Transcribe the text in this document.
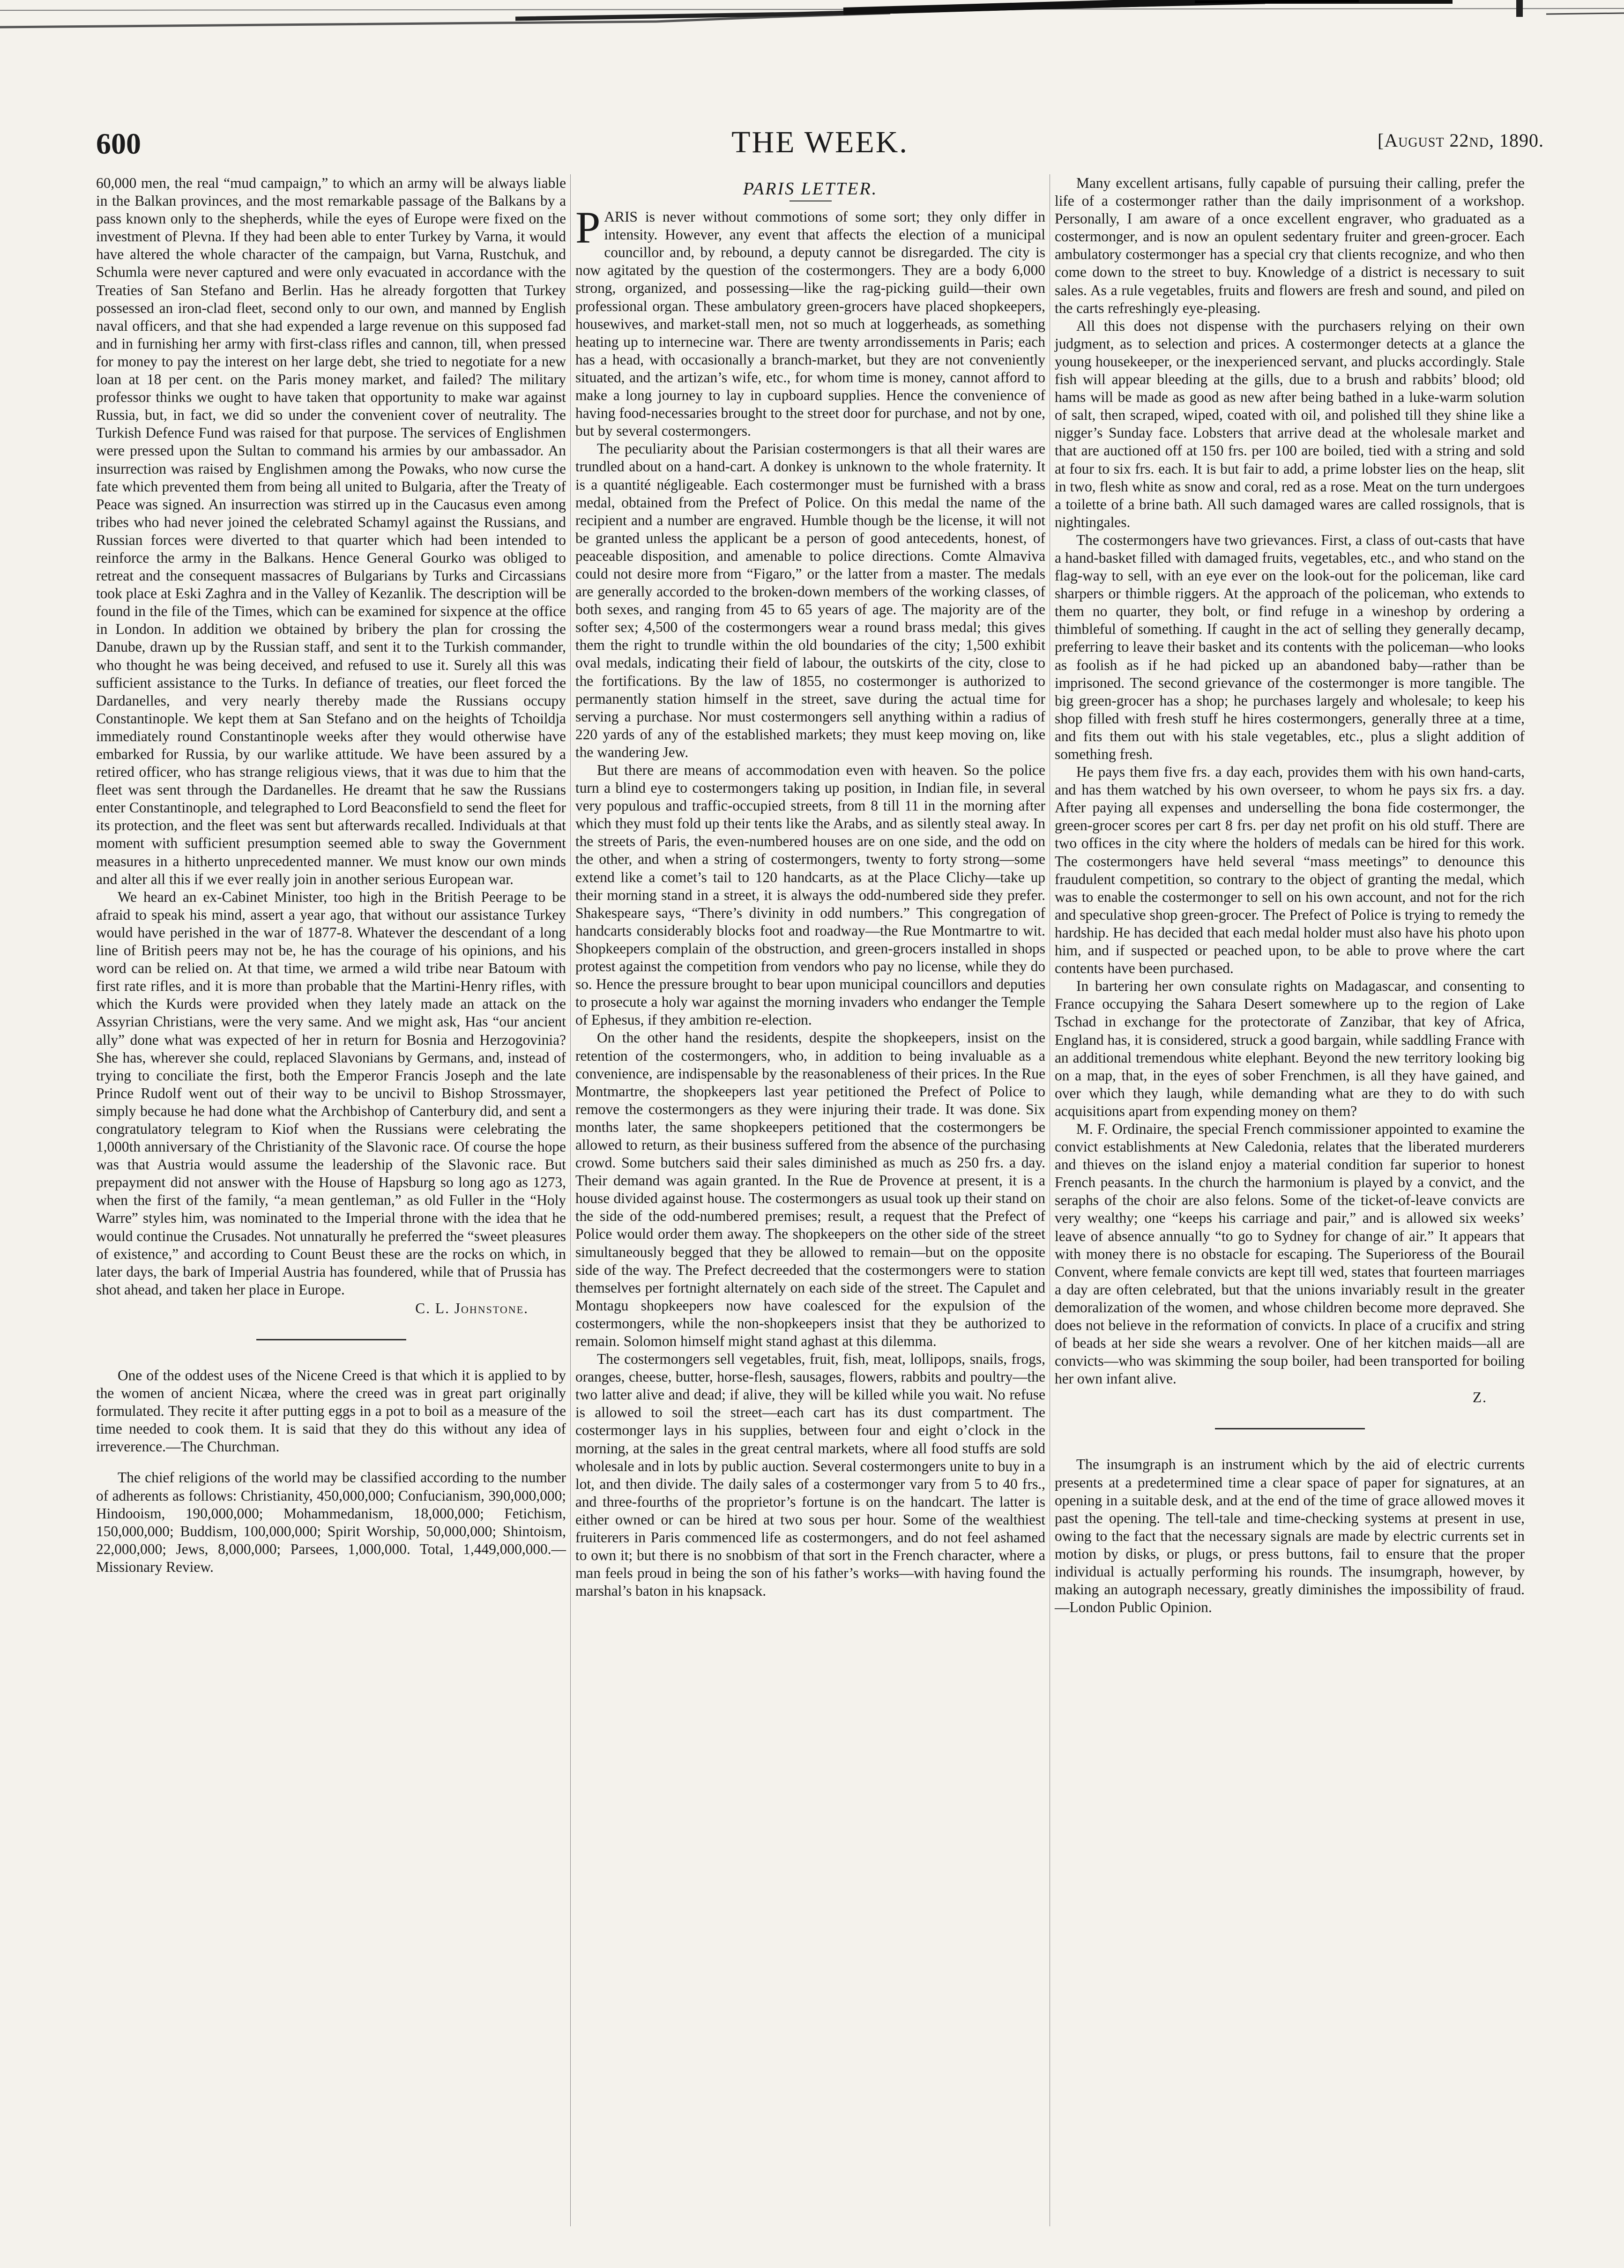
600	THE WEEK.	[August 22nd, 1890.

60,000 men, the real “mud campaign,” to which an army will be always liable in the Balkan provinces, and the most remarkable passage of the Balkans by a pass known only to the shepherds, while the eyes of Europe were fixed on the investment of Plevna. If they had been able to enter Turkey by Varna, it would have altered the whole character of the campaign, but Varna, Rustchuk, and Schumla were never captured and were only evacuated in accordance with the Treaties of San Stefano and Berlin. Has he already forgotten that Turkey possessed an iron-clad fleet, second only to our own, and manned by English naval officers, and that she had expended a large revenue on this supposed fad and in furnishing her army with first-class rifles and cannon, till, when pressed for money to pay the interest on her large debt, she tried to negotiate for a new loan at 18 per cent. on the Paris money market, and failed? The military professor thinks we ought to have taken that opportunity to make war against Russia, but, in fact, we did so under the convenient cover of neutrality. The Turkish Defence Fund was raised for that purpose. The services of Englishmen were pressed upon the Sultan to command his armies by our ambassador. An insurrection was raised by Englishmen among the Powaks, who now curse the fate which prevented them from being all united to Bulgaria, after the Treaty of Peace was signed. An insurrection was stirred up in the Caucasus even among tribes who had never joined the celebrated Schamyl against the Russians, and Russian forces were diverted to that quarter which had been intended to reinforce the army in the Balkans. Hence General Gourko was obliged to retreat and the consequent massacres of Bulgarians by Turks and Circassians took place at Eski Zaghra and in the Valley of Kezanlik. The description will be found in the file of the Times, which can be examined for sixpence at the office in London. In addition we obtained by bribery the plan for crossing the Danube, drawn up by the Russian staff, and sent it to the Turkish commander, who thought he was being deceived, and refused to use it. Surely all this was sufficient assistance to the Turks. In defiance of treaties, our fleet forced the Dardanelles, and very nearly thereby made the Russians occupy Constantinople. We kept them at San Stefano and on the heights of Tchoildja immediately round Constantinople weeks after they would otherwise have embarked for Russia, by our warlike attitude. We have been assured by a retired officer, who has strange religious views, that it was due to him that the fleet was sent through the Dardanelles. He dreamt that he saw the Russians enter Constantinople, and telegraphed to Lord Beaconsfield to send the fleet for its protection, and the fleet was sent but afterwards recalled. Individuals at that moment with sufficient presumption seemed able to sway the Government measures in a hitherto unprecedented manner. We must know our own minds and alter all this if we ever really join in another serious European war.

We heard an ex-Cabinet Minister, too high in the British Peerage to be afraid to speak his mind, assert a year ago, that without our assistance Turkey would have perished in the war of 1877-8. Whatever the descendant of a long line of British peers may not be, he has the courage of his opinions, and his word can be relied on. At that time, we armed a wild tribe near Batoum with first rate rifles, and it is more than probable that the Martini-Henry rifles, with which the Kurds were provided when they lately made an attack on the Assyrian Christians, were the very same. And we might ask, Has “our ancient ally” done what was expected of her in return for Bosnia and Herzogovinia? She has, wherever she could, replaced Slavonians by Germans, and, instead of trying to conciliate the first, both the Emperor Francis Joseph and the late Prince Rudolf went out of their way to be uncivil to Bishop Strossmayer, simply because he had done what the Archbishop of Canterbury did, and sent a congratulatory telegram to Kiof when the Russians were celebrating the 1,000th anniversary of the Christianity of the Slavonic race. Of course the hope was that Austria would assume the leadership of the Slavonic race. But prepayment did not answer with the House of Hapsburg so long ago as 1273, when the first of the family, “a mean gentleman,” as old Fuller in the “Holy Warre” styles him, was nominated to the Imperial throne with the idea that he would continue the Crusades. Not unnaturally he preferred the “sweet pleasures of existence,” and according to Count Beust these are the rocks on which, in later days, the bark of Imperial Austria has foundered, while that of Prussia has shot ahead, and taken her place in Europe.

C. L. Johnstone.

One of the oddest uses of the Nicene Creed is that which it is applied to by the women of ancient Nicæa, where the creed was in great part originally formulated. They recite it after putting eggs in a pot to boil as a measure of the time needed to cook them. It is said that they do this without any idea of irreverence.—The Churchman.

The chief religions of the world may be classified according to the number of adherents as follows: Christianity, 450,000,000; Confucianism, 390,000,000; Hindooism, 190,000,000; Mohammedanism, 18,000,000; Fetichism, 150,000,000; Buddism, 100,000,000; Spirit Worship, 50,000,000; Shintoism, 22,000,000; Jews, 8,000,000; Parsees, 1,000,000. Total, 1,449,000,000.—Missionary Review.

PARIS LETTER.

PARIS is never without commotions of some sort; they only differ in intensity. However, any event that affects the election of a municipal councillor and, by rebound, a deputy cannot be disregarded. The city is now agitated by the question of the costermongers. They are a body 6,000 strong, organized, and possessing—like the rag-picking guild—their own professional organ. These ambulatory green-grocers have placed shopkeepers, housewives, and market-stall men, not so much at loggerheads, as something heating up to internecine war. There are twenty arrondissements in Paris; each has a head, with occasionally a branch-market, but they are not conveniently situated, and the artizan’s wife, etc., for whom time is money, cannot afford to make a long journey to lay in cupboard supplies. Hence the convenience of having food-necessaries brought to the street door for purchase, and not by one, but by several costermongers.

The peculiarity about the Parisian costermongers is that all their wares are trundled about on a hand-cart. A donkey is unknown to the whole fraternity. It is a quantité négligeable. Each costermonger must be furnished with a brass medal, obtained from the Prefect of Police. On this medal the name of the recipient and a number are engraved. Humble though be the license, it will not be granted unless the applicant be a person of good antecedents, honest, of peaceable disposition, and amenable to police directions. Comte Almaviva could not desire more from “Figaro,” or the latter from a master. The medals are generally accorded to the broken-down members of the working classes, of both sexes, and ranging from 45 to 65 years of age. The majority are of the softer sex; 4,500 of the costermongers wear a round brass medal; this gives them the right to trundle within the old boundaries of the city; 1,500 exhibit oval medals, indicating their field of labour, the outskirts of the city, close to the fortifications. By the law of 1855, no costermonger is authorized to permanently station himself in the street, save during the actual time for serving a purchase. Nor must costermongers sell anything within a radius of 220 yards of any of the established markets; they must keep moving on, like the wandering Jew.

But there are means of accommodation even with heaven. So the police turn a blind eye to costermongers taking up position, in Indian file, in several very populous and traffic-occupied streets, from 8 till 11 in the morning after which they must fold up their tents like the Arabs, and as silently steal away. In the streets of Paris, the even-numbered houses are on one side, and the odd on the other, and when a string of costermongers, twenty to forty strong—some extend like a comet’s tail to 120 handcarts, as at the Place Clichy—take up their morning stand in a street, it is always the odd-numbered side they prefer. Shakespeare says, “There’s divinity in odd numbers.” This congregation of handcarts considerably blocks foot and roadway—the Rue Montmartre to wit. Shopkeepers complain of the obstruction, and green-grocers installed in shops protest against the competition from vendors who pay no license, while they do so. Hence the pressure brought to bear upon municipal councillors and deputies to prosecute a holy war against the morning invaders who endanger the Temple of Ephesus, if they ambition re-election.

On the other hand the residents, despite the shopkeepers, insist on the retention of the costermongers, who, in addition to being invaluable as a convenience, are indispensable by the reasonableness of their prices. In the Rue Montmartre, the shopkeepers last year petitioned the Prefect of Police to remove the costermongers as they were injuring their trade. It was done. Six months later, the same shopkeepers petitioned that the costermongers be allowed to return, as their business suffered from the absence of the purchasing crowd. Some butchers said their sales diminished as much as 250 frs. a day. Their demand was again granted. In the Rue de Provence at present, it is a house divided against house. The costermongers as usual took up their stand on the side of the odd-numbered premises; result, a request that the Prefect of Police would order them away. The shopkeepers on the other side of the street simultaneously begged that they be allowed to remain—but on the opposite side of the way. The Prefect decreeded that the costermongers were to station themselves per fortnight alternately on each side of the street. The Capulet and Montagu shopkeepers now have coalesced for the expulsion of the costermongers, while the non-shopkeepers insist that they be authorized to remain. Solomon himself might stand aghast at this dilemma.

The costermongers sell vegetables, fruit, fish, meat, lollipops, snails, frogs, oranges, cheese, butter, horse-flesh, sausages, flowers, rabbits and poultry—the two latter alive and dead; if alive, they will be killed while you wait. No refuse is allowed to soil the street—each cart has its dust compartment. The costermonger lays in his supplies, between four and eight o’clock in the morning, at the sales in the great central markets, where all food stuffs are sold wholesale and in lots by public auction. Several costermongers unite to buy in a lot, and then divide. The daily sales of a costermonger vary from 5 to 40 frs., and three-fourths of the proprietor’s fortune is on the handcart. The latter is either owned or can be hired at two sous per hour. Some of the wealthiest fruiterers in Paris commenced life as costermongers, and do not feel ashamed to own it; but there is no snobbism of that sort in the French character, where a man feels proud in being the son of his father’s works—with having found the marshal’s baton in his knapsack.

Many excellent artisans, fully capable of pursuing their calling, prefer the life of a costermonger rather than the daily imprisonment of a workshop. Personally, I am aware of a once excellent engraver, who graduated as a costermonger, and is now an opulent sedentary fruiter and green-grocer. Each ambulatory costermonger has a special cry that clients recognize, and who then come down to the street to buy. Knowledge of a district is necessary to suit sales. As a rule vegetables, fruits and flowers are fresh and sound, and piled on the carts refreshingly eye-pleasing.

All this does not dispense with the purchasers relying on their own judgment, as to selection and prices. A costermonger detects at a glance the young housekeeper, or the inexperienced servant, and plucks accordingly. Stale fish will appear bleeding at the gills, due to a brush and rabbits’ blood; old hams will be made as good as new after being bathed in a luke-warm solution of salt, then scraped, wiped, coated with oil, and polished till they shine like a nigger’s Sunday face. Lobsters that arrive dead at the wholesale market and that are auctioned off at 150 frs. per 100 are boiled, tied with a string and sold at four to six frs. each. It is but fair to add, a prime lobster lies on the heap, slit in two, flesh white as snow and coral, red as a rose. Meat on the turn undergoes a toilette of a brine bath. All such damaged wares are called rossignols, that is nightingales.

The costermongers have two grievances. First, a class of out-casts that have a hand-basket filled with damaged fruits, vegetables, etc., and who stand on the flag-way to sell, with an eye ever on the look-out for the policeman, like card sharpers or thimble riggers. At the approach of the policeman, who extends to them no quarter, they bolt, or find refuge in a wineshop by ordering a thimbleful of something. If caught in the act of selling they generally decamp, preferring to leave their basket and its contents with the policeman—who looks as foolish as if he had picked up an abandoned baby—rather than be imprisoned. The second grievance of the costermonger is more tangible. The big green-grocer has a shop; he purchases largely and wholesale; to keep his shop filled with fresh stuff he hires costermongers, generally three at a time, and fits them out with his stale vegetables, etc., plus a slight addition of something fresh.

He pays them five frs. a day each, provides them with his own hand-carts, and has them watched by his own overseer, to whom he pays six frs. a day. After paying all expenses and underselling the bona fide costermonger, the green-grocer scores per cart 8 frs. per day net profit on his old stuff. There are two offices in the city where the holders of medals can be hired for this work. The costermongers have held several “mass meetings” to denounce this fraudulent competition, so contrary to the object of granting the medal, which was to enable the costermonger to sell on his own account, and not for the rich and speculative shop green-grocer. The Prefect of Police is trying to remedy the hardship. He has decided that each medal holder must also have his photo upon him, and if suspected or peached upon, to be able to prove where the cart contents have been purchased.

In bartering her own consulate rights on Madagascar, and consenting to France occupying the Sahara Desert somewhere up to the region of Lake Tschad in exchange for the protectorate of Zanzibar, that key of Africa, England has, it is considered, struck a good bargain, while saddling France with an additional tremendous white elephant. Beyond the new territory looking big on a map, that, in the eyes of sober Frenchmen, is all they have gained, and over which they laugh, while demanding what are they to do with such acquisitions apart from expending money on them?

M. F. Ordinaire, the special French commissioner appointed to examine the convict establishments at New Caledonia, relates that the liberated murderers and thieves on the island enjoy a material condition far superior to honest French peasants. In the church the harmonium is played by a convict, and the seraphs of the choir are also felons. Some of the ticket-of-leave convicts are very wealthy; one “keeps his carriage and pair,” and is allowed six weeks’ leave of absence annually “to go to Sydney for change of air.” It appears that with money there is no obstacle for escaping. The Superioress of the Bourail Convent, where female convicts are kept till wed, states that fourteen marriages a day are often celebrated, but that the unions invariably result in the greater demoralization of the women, and whose children become more depraved. She does not believe in the reformation of convicts. In place of a crucifix and string of beads at her side she wears a revolver. One of her kitchen maids—all are convicts—who was skimming the soup boiler, had been transported for boiling her own infant alive.

Z.

The insumgraph is an instrument which by the aid of electric currents presents at a predetermined time a clear space of paper for signatures, at an opening in a suitable desk, and at the end of the time of grace allowed moves it past the opening. The tell-tale and time-checking systems at present in use, owing to the fact that the necessary signals are made by electric currents set in motion by disks, or plugs, or press buttons, fail to ensure that the proper individual is actually performing his rounds. The insumgraph, however, by making an autograph necessary, greatly diminishes the impossibility of fraud.—London Public Opinion.
